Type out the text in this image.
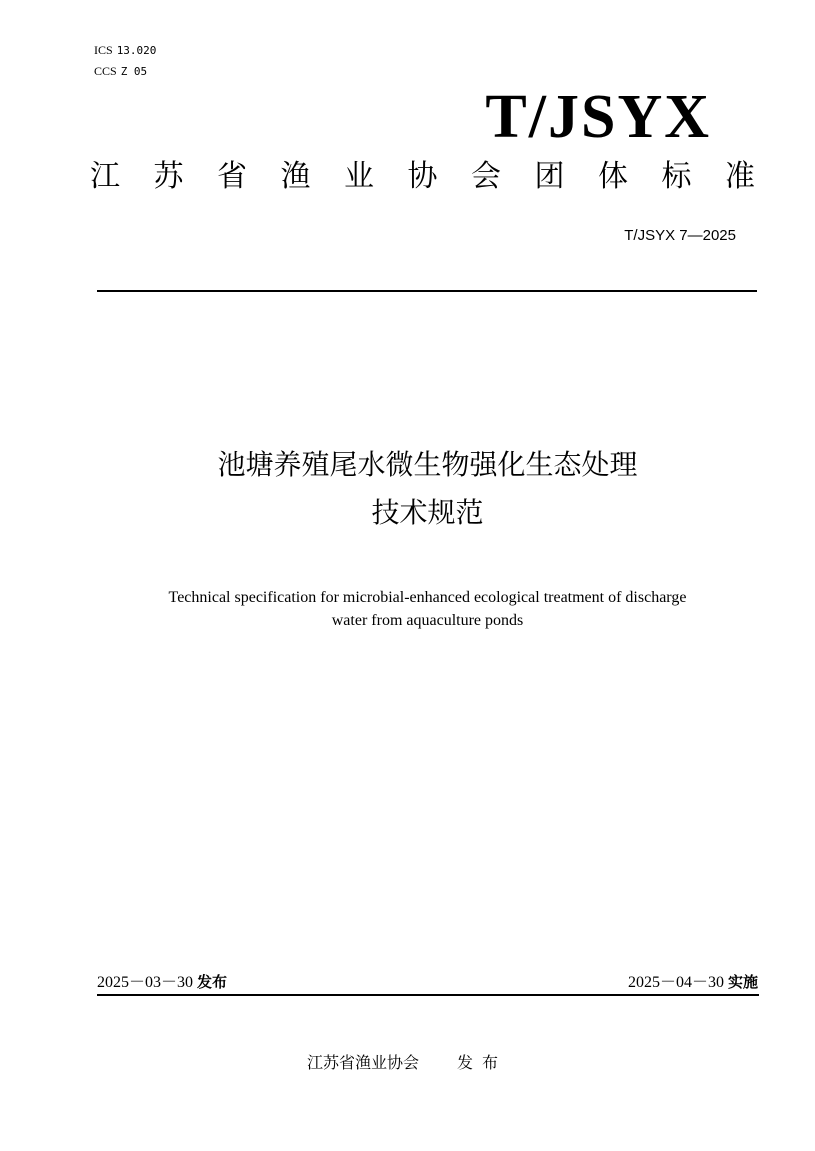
ICS 13.020
CCS Z 05
T/JSYX
江 苏 省 渔 业 协 会 团 体 标 准
T/JSYX 7—2025
池塘养殖尾水微生物强化生态处理
技术规范
Technical specification for microbial-enhanced ecological treatment of discharge
water from aquaculture ponds
2025－03－30 发布	2025－04－30 实施
江苏省渔业协会 发布
